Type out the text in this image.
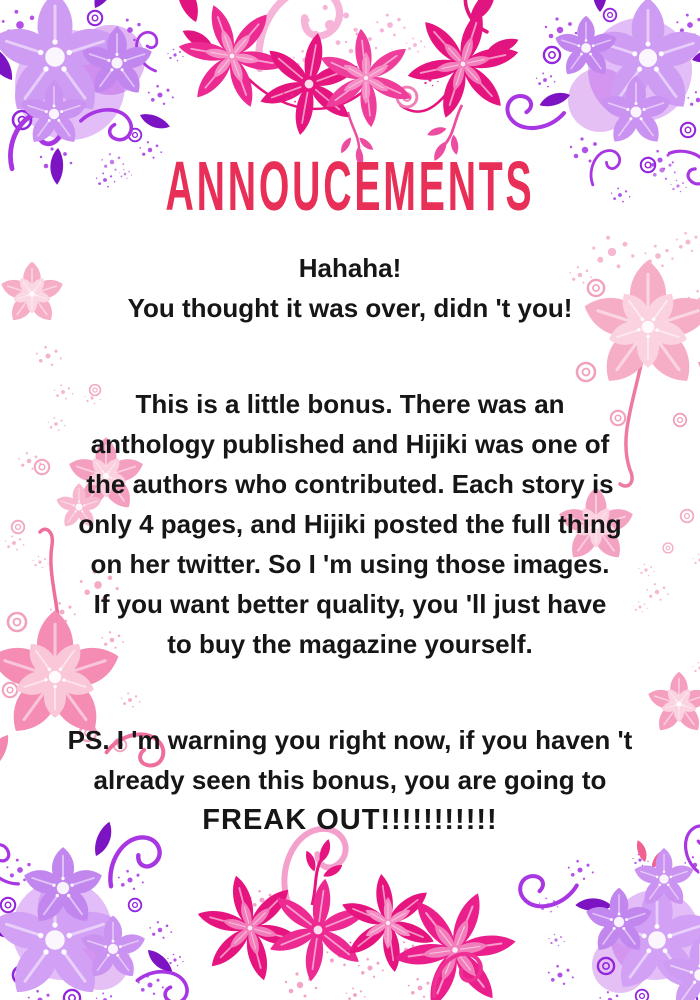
ANNOUCEMENTS
Hahaha!
You thought it was over, didn 't you!
This is a little bonus. There was an
anthology published and Hijiki was one of
the authors who contributed. Each story is
only 4 pages, and Hijiki posted the full thing
on her twitter. So I 'm using those images.
If you want better quality, you 'll just have
to buy the magazine yourself.
PS. I 'm warning you right now, if you haven 't
already seen this bonus, you are going to
FREAK OUT!!!!!!!!!!!
